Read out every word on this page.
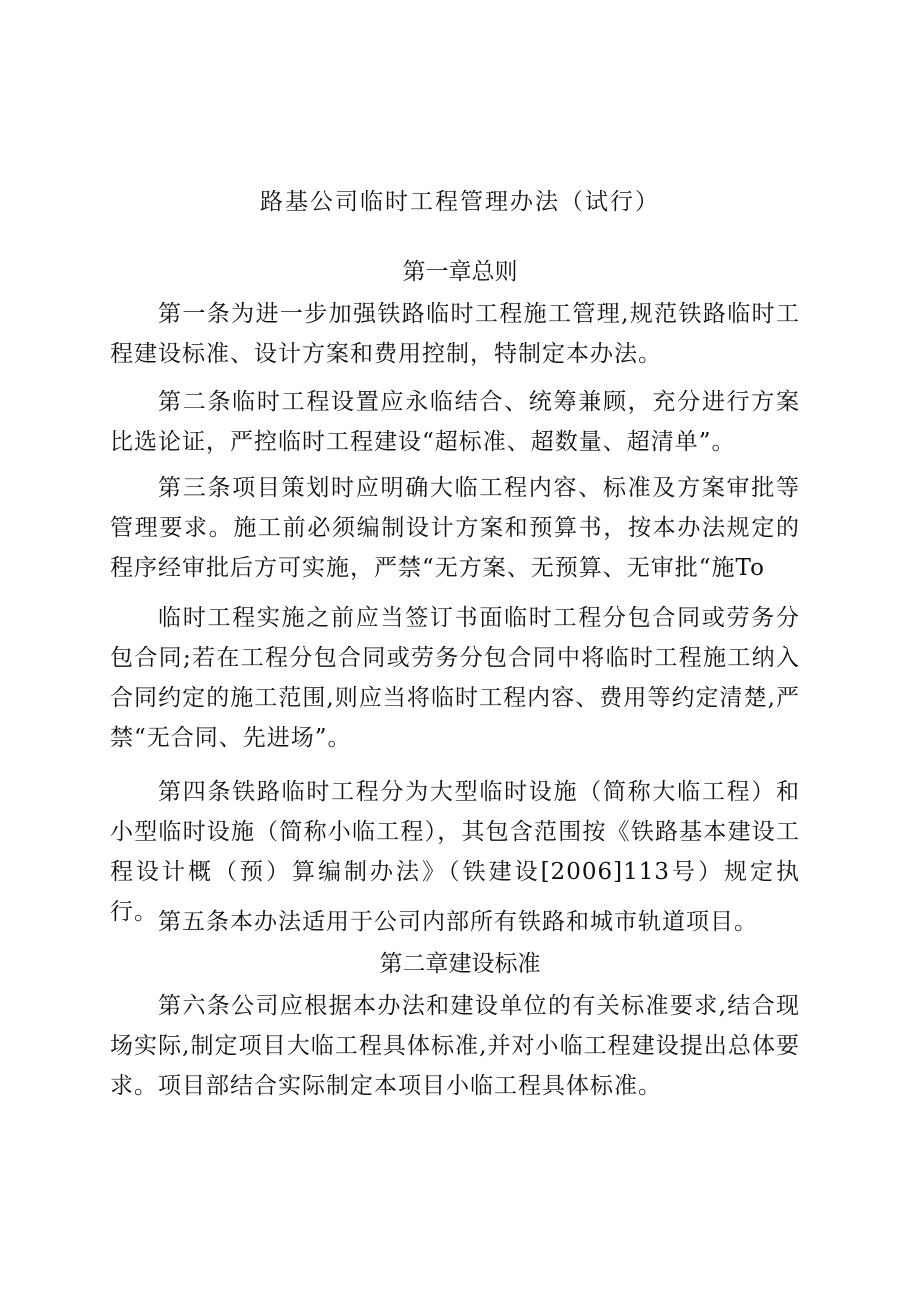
路基公司临时工程管理办法（试行）
第一章总则

第一条为进一步加强铁路临时工程施工管理,规范铁路临时工程建设标准、设计方案和费用控制，特制定本办法。

第二条临时工程设置应永临结合、统筹兼顾，充分进行方案比选论证，严控临时工程建设“超标准、超数量、超清单”。

第三条项目策划时应明确大临工程内容、标准及方案审批等管理要求。施工前必须编制设计方案和预算书，按本办法规定的程序经审批后方可实施，严禁“无方案、无预算、无审批“施To

临时工程实施之前应当签订书面临时工程分包合同或劳务分包合同;若在工程分包合同或劳务分包合同中将临时工程施工纳入合同约定的施工范围,则应当将临时工程内容、费用等约定清楚,严禁“无合同、先进场”。

第四条铁路临时工程分为大型临时设施（简称大临工程）和小型临时设施（简称小临工程），其包含范围按《铁路基本建设工程设计概（预）算编制办法》（铁建设[2006]113号）规定执行。 第五条本办法适用于公司内部所有铁路和城市轨道项目。

第二章建设标准

第六条公司应根据本办法和建设单位的有关标准要求,结合现场实际,制定项目大临工程具体标准,并对小临工程建设提出总体要求。项目部结合实际制定本项目小临工程具体标准。
